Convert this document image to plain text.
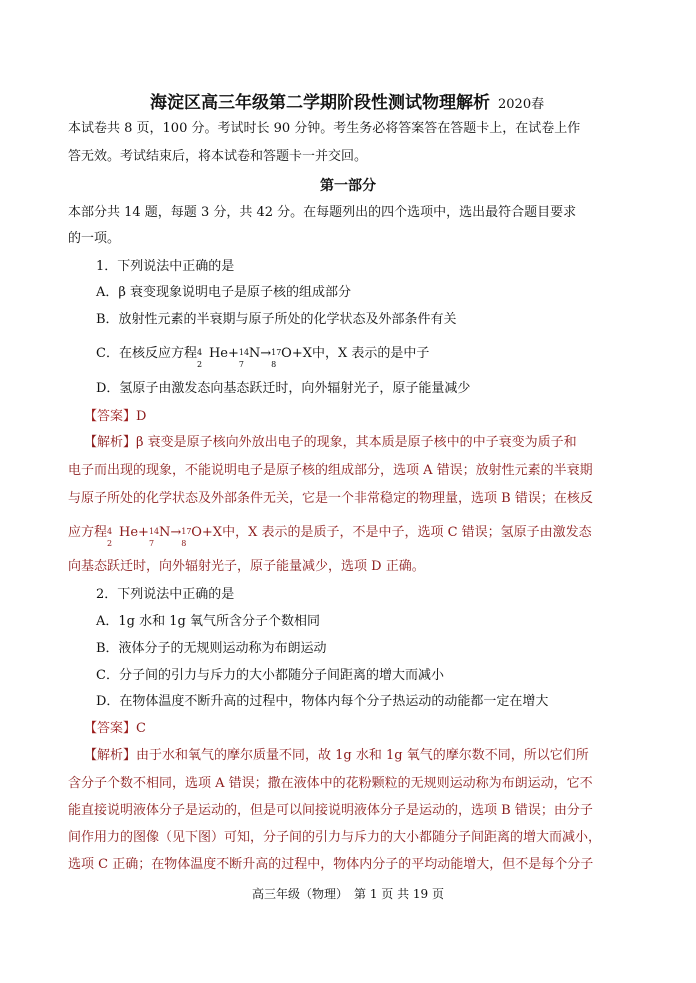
海淀区高三年级第二学期阶段性测试物理解析 2020春
本试卷共 8 页，100 分。考试时长 90 分钟。考生务必将答案答在答题卡上，在试卷上作
答无效。考试结束后，将本试卷和答题卡一并交回。
第一部分
本部分共 14 题，每题 3 分，共 42 分。在每题列出的四个选项中，选出最符合题目要求
的一项。
1．下列说法中正确的是
A．β 衰变现象说明电子是原子核的组成部分
B．放射性元素的半衰期与原子所处的化学状态及外部条件有关
C．在核反应方程 4
2
He+ 14
7
N→ 17
8
O+X中，X 表示的是中子
D．氢原子由激发态向基态跃迁时，向外辐射光子，原子能量减少
【答案】D
【解析】β 衰变是原子核向外放出电子的现象，其本质是原子核中的中子衰变为质子和
电子而出现的现象，不能说明电子是原子核的组成部分，选项 A 错误；放射性元素的半衰期
与原子所处的化学状态及外部条件无关，它是一个非常稳定的物理量，选项 B 错误；在核反
应方程 4
2
He+ 14
7
N→ 17
8
O+X中，X 表示的是质子，不是中子，选项 C 错误；氢原子由激发态
向基态跃迁时，向外辐射光子，原子能量减少，选项 D 正确。
2．下列说法中正确的是
A．1g 水和 1g 氧气所含分子个数相同
B．液体分子的无规则运动称为布朗运动
C．分子间的引力与斥力的大小都随分子间距离的增大而减小
D．在物体温度不断升高的过程中，物体内每个分子热运动的动能都一定在增大
【答案】C
【解析】由于水和氧气的摩尔质量不同，故 1g 水和 1g 氧气的摩尔数不同，所以它们所
含分子个数不相同，选项 A 错误；撒在液体中的花粉颗粒的无规则运动称为布朗运动，它不
能直接说明液体分子是运动的，但是可以间接说明液体分子是运动的，选项 B 错误；由分子
间作用力的图像（见下图）可知，分子间的引力与斥力的大小都随分子间距离的增大而减小，
选项 C 正确；在物体温度不断升高的过程中，物体内分子的平均动能增大，但不是每个分子
高三年级（物理）　第 1 页 共 19 页
